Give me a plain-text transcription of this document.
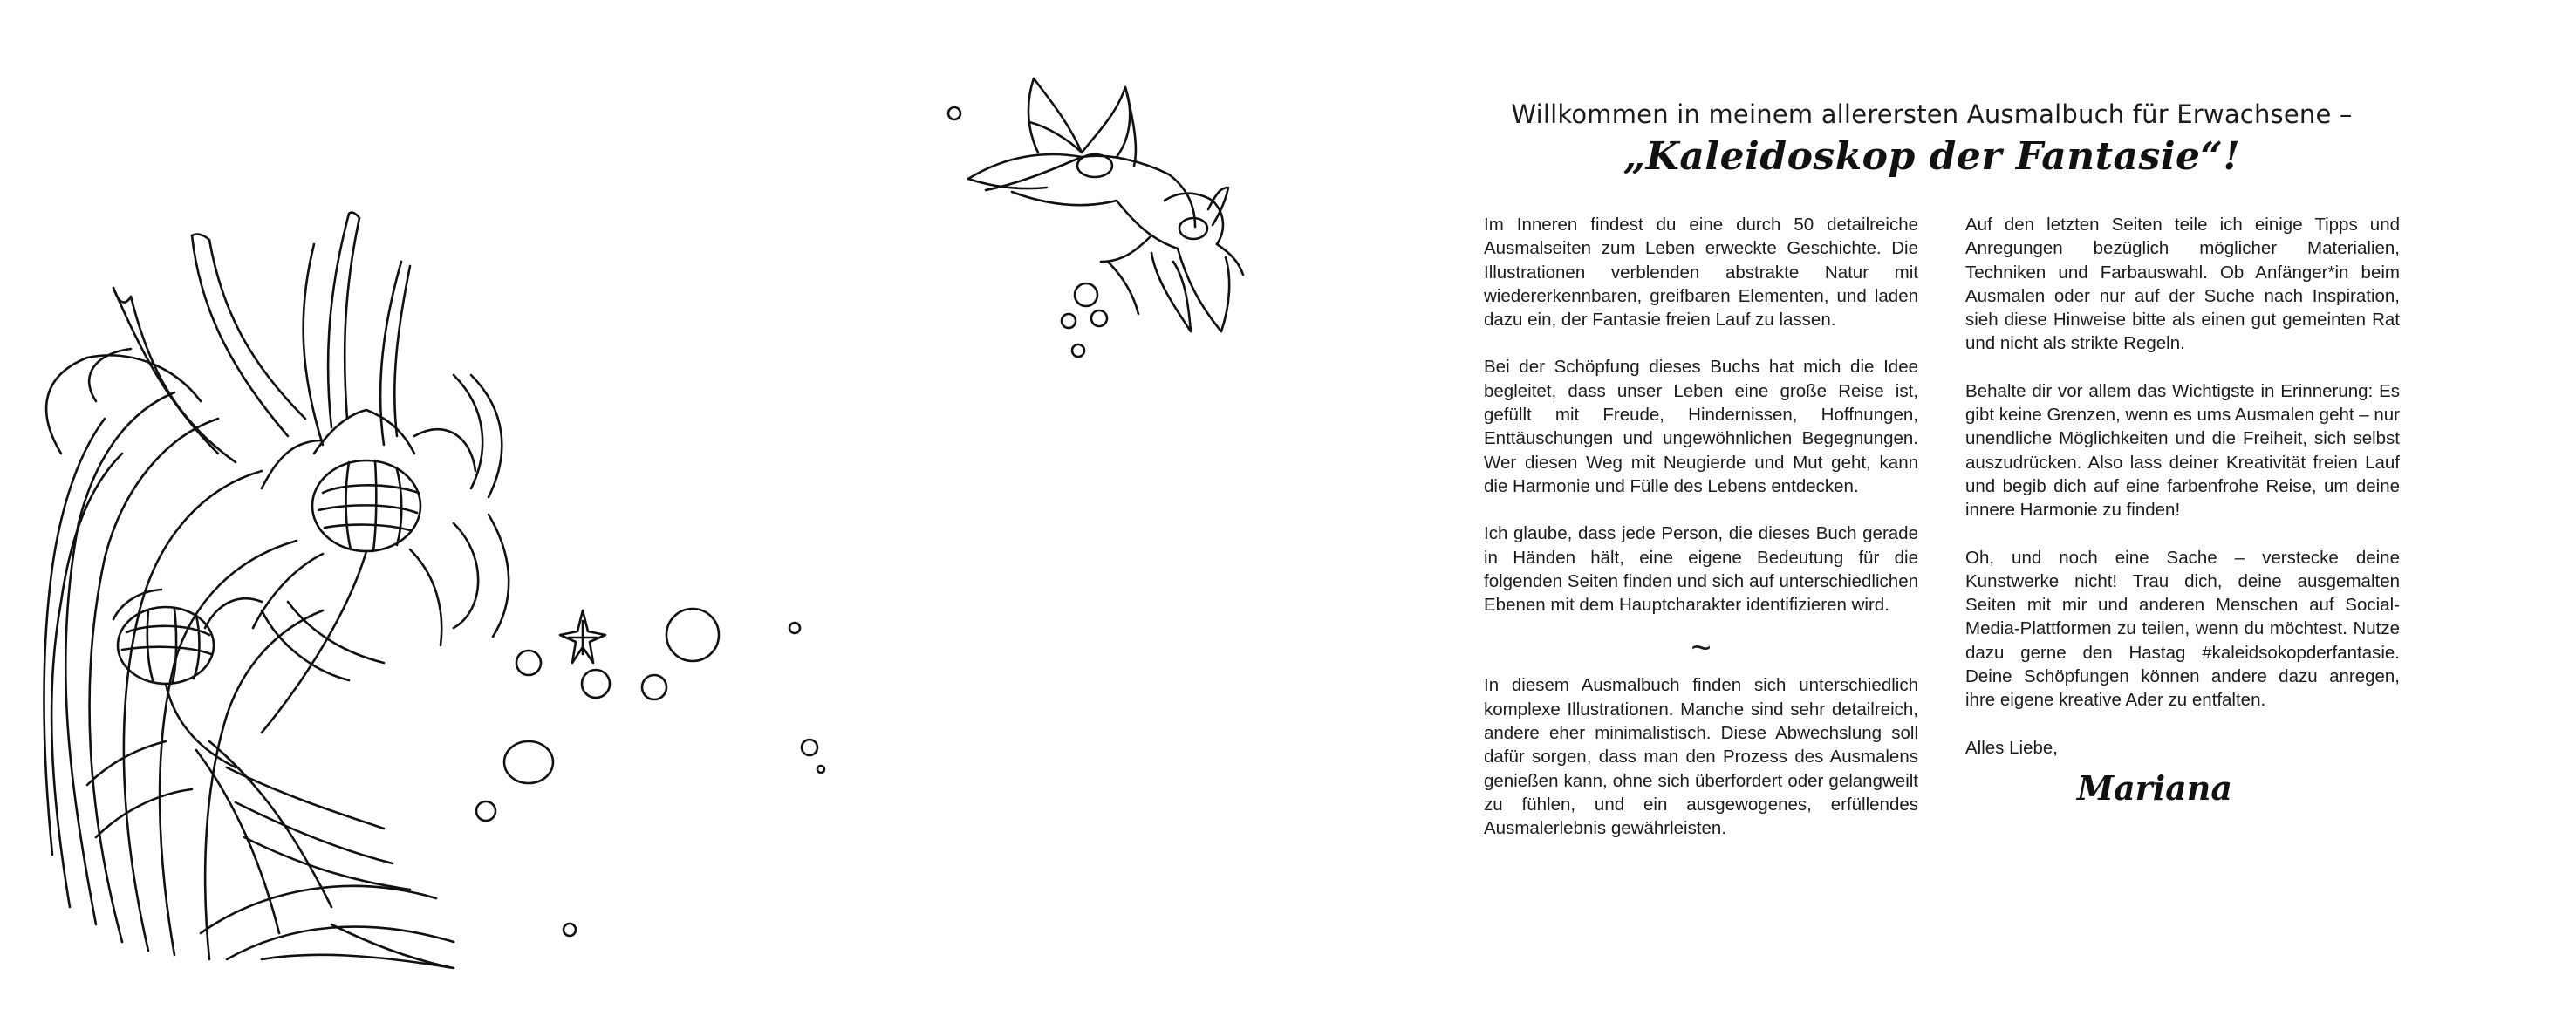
Willkommen in meinem allerersten Ausmalbuch für Erwachsene –
„Kaleidoskop der Fantasie“!

Im Inneren findest du eine durch 50 detailreiche Ausmalseiten zum Leben erweckte Geschichte. Die Illustrationen verblenden abstrakte Natur mit wiedererkennbaren, greifbaren Elementen, und laden dazu ein, der Fantasie freien Lauf zu lassen.

Bei der Schöpfung dieses Buchs hat mich die Idee begleitet, dass unser Leben eine große Reise ist, gefüllt mit Freude, Hindernissen, Hoffnungen, Enttäuschungen und ungewöhnlichen Begegnungen. Wer diesen Weg mit Neugierde und Mut geht, kann die Harmonie und Fülle des Lebens entdecken.

Ich glaube, dass jede Person, die dieses Buch gerade in Händen hält, eine eigene Bedeutung für die folgenden Seiten finden und sich auf unterschiedlichen Ebenen mit dem Hauptcharakter identifizieren wird.

~

In diesem Ausmalbuch finden sich unterschiedlich komplexe Illustrationen. Manche sind sehr detailreich, andere eher minimalistisch. Diese Abwechslung soll dafür sorgen, dass man den Prozess des Ausmalens genießen kann, ohne sich überfordert oder gelangweilt zu fühlen, und ein ausgewogenes, erfüllendes Ausmalerlebnis gewährleisten.

Auf den letzten Seiten teile ich einige Tipps und Anregungen bezüglich möglicher Materialien, Techniken und Farbauswahl. Ob Anfänger*in beim Ausmalen oder nur auf der Suche nach Inspiration, sieh diese Hinweise bitte als einen gut gemeinten Rat und nicht als strikte Regeln.

Behalte dir vor allem das Wichtigste in Erinnerung: Es gibt keine Grenzen, wenn es ums Ausmalen geht – nur unendliche Möglichkeiten und die Freiheit, sich selbst auszudrücken. Also lass deiner Kreativität freien Lauf und begib dich auf eine farbenfrohe Reise, um deine innere Harmonie zu finden!

Oh, und noch eine Sache – verstecke deine Kunstwerke nicht! Trau dich, deine ausgemalten Seiten mit mir und anderen Menschen auf Social-Media-Plattformen zu teilen, wenn du möchtest. Nutze dazu gerne den Hastag #kaleidsokopderfantasie. Deine Schöpfungen können andere dazu anregen, ihre eigene kreative Ader zu entfalten.

Alles Liebe,

Mariana
